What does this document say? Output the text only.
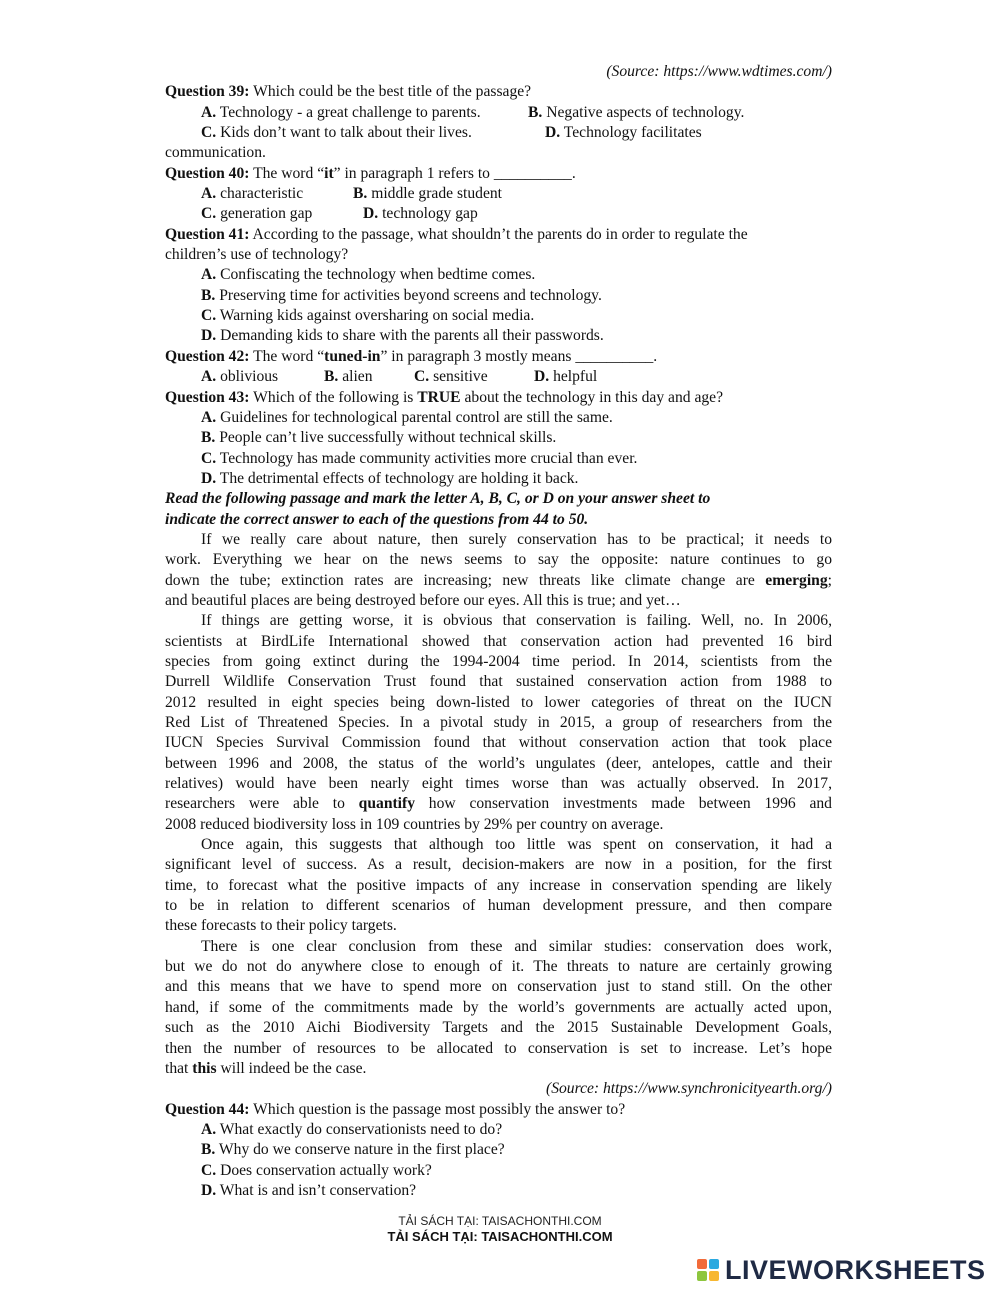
(Source: https://www.wdtimes.com/)
Question 39: Which could be the best title of the passage?
A. Technology - a great challenge to parents.	B. Negative aspects of technology.
C. Kids don’t want to talk about their lives.	D. Technology facilitates
communication.
Question 40: The word “it” in paragraph 1 refers to __________.
A. characteristic	B. middle grade student
C. generation gap	D. technology gap
Question 41: According to the passage, what shouldn’t the parents do in order to regulate the
children’s use of technology?
A. Confiscating the technology when bedtime comes.
B. Preserving time for activities beyond screens and technology.
C. Warning kids against oversharing on social media.
D. Demanding kids to share with the parents all their passwords.
Question 42: The word “tuned-in” in paragraph 3 mostly means __________.
A. oblivious	B. alien	C. sensitive	D. helpful
Question 43: Which of the following is TRUE about the technology in this day and age?
A. Guidelines for technological parental control are still the same.
B. People can’t live successfully without technical skills.
C. Technology has made community activities more crucial than ever.
D. The detrimental effects of technology are holding it back.
Read the following passage and mark the letter A, B, C, or D on your answer sheet to
indicate the correct answer to each of the questions from 44 to 50.
If we really care about nature, then surely conservation has to be practical; it needs to
work. Everything we hear on the news seems to say the opposite: nature continues to go
down the tube; extinction rates are increasing; new threats like climate change are emerging;
and beautiful places are being destroyed before our eyes. All this is true; and yet…
If things are getting worse, it is obvious that conservation is failing. Well, no. In 2006,
scientists at BirdLife International showed that conservation action had prevented 16 bird
species from going extinct during the 1994-2004 time period. In 2014, scientists from the
Durrell Wildlife Conservation Trust found that sustained conservation action from 1988 to
2012 resulted in eight species being down-listed to lower categories of threat on the IUCN
Red List of Threatened Species. In a pivotal study in 2015, a group of researchers from the
IUCN Species Survival Commission found that without conservation action that took place
between 1996 and 2008, the status of the world’s ungulates (deer, antelopes, cattle and their
relatives) would have been nearly eight times worse than was actually observed. In 2017,
researchers were able to quantify how conservation investments made between 1996 and
2008 reduced biodiversity loss in 109 countries by 29% per country on average.
Once again, this suggests that although too little was spent on conservation, it had a
significant level of success. As a result, decision-makers are now in a position, for the first
time, to forecast what the positive impacts of any increase in conservation spending are likely
to be in relation to different scenarios of human development pressure, and then compare
these forecasts to their policy targets.
There is one clear conclusion from these and similar studies: conservation does work,
but we do not do anywhere close to enough of it. The threats to nature are certainly growing
and this means that we have to spend more on conservation just to stand still. On the other
hand, if some of the commitments made by the world’s governments are actually acted upon,
such as the 2010 Aichi Biodiversity Targets and the 2015 Sustainable Development Goals,
then the number of resources to be allocated to conservation is set to increase. Let’s hope
that this will indeed be the case.
(Source: https://www.synchronicityearth.org/)
Question 44: Which question is the passage most possibly the answer to?
A. What exactly do conservationists need to do?
B. Why do we conserve nature in the first place?
C. Does conservation actually work?
D. What is and isn’t conservation?
TẢI SÁCH TẠI: TAISACHONTHI.COM
TẢI SÁCH TẠI: TAISACHONTHI.COM
LIVEWORKSHEETS
